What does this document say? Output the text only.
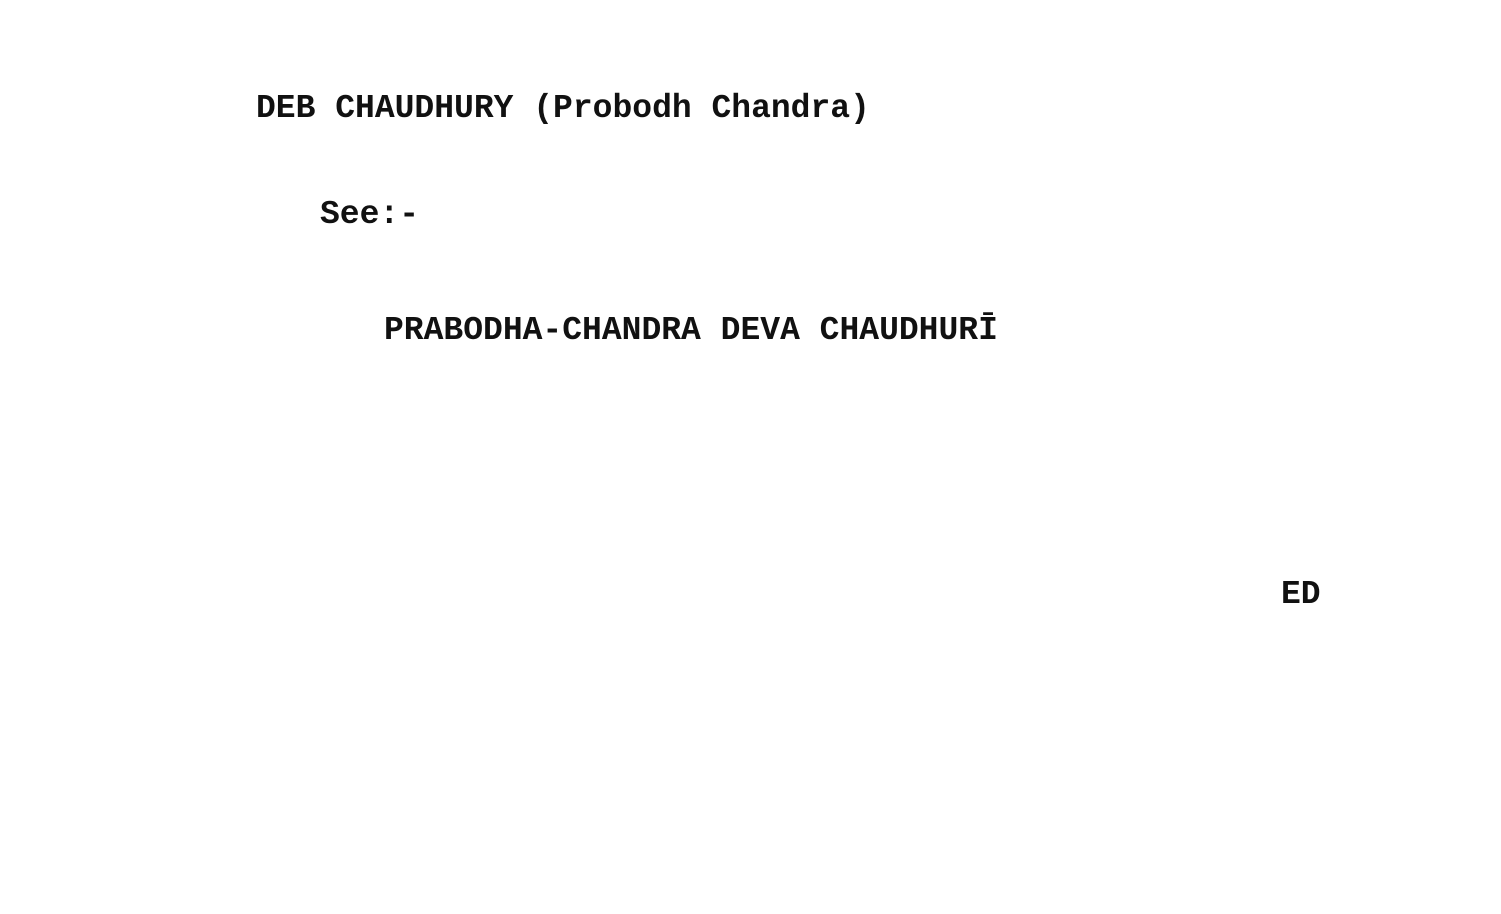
DEB CHAUDHURY (Probodh Chandra)
See:-
PRABODHA-CHANDRA DEVA CHAUDHURĪ
ED
